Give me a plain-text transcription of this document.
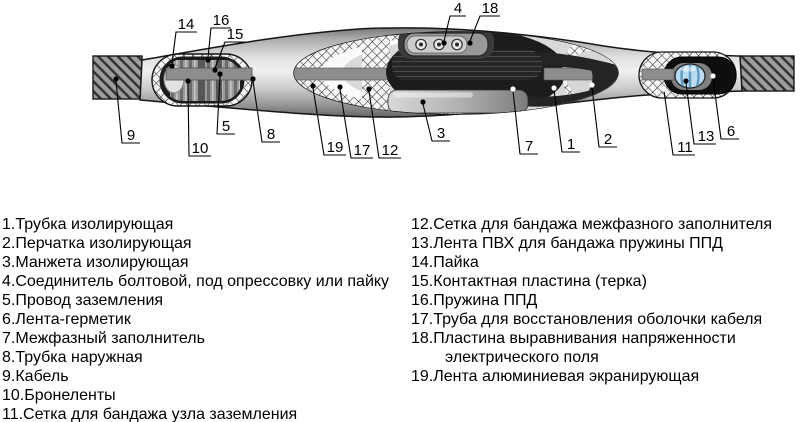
14 16
15
4 18
9
10
5 8
19 17 12
3
7 1 2	11
13 6
1.Трубка изолирующая
2.Перчатка изолирующая
3.Манжета изолирующая
4.Соединитель болтовой, под опрессовку или пайку
5.Провод заземления
6.Лента-герметик
7.Межфазный заполнитель
8.Трубка наружная
9.Кабель
10.Бронеленты
11.Сетка для бандажа узла заземления
12.Сетка для бандажа межфазного заполнителя
13.Лента ПВХ для бандажа пружины ППД
14.Пайка
15.Контактная пластина (терка)
16.Пружина ППД
17.Труба для восстановления оболочки кабеля
18.Пластина выравнивания напряженности электрического поля
19.Лента алюминиевая экранирующая
